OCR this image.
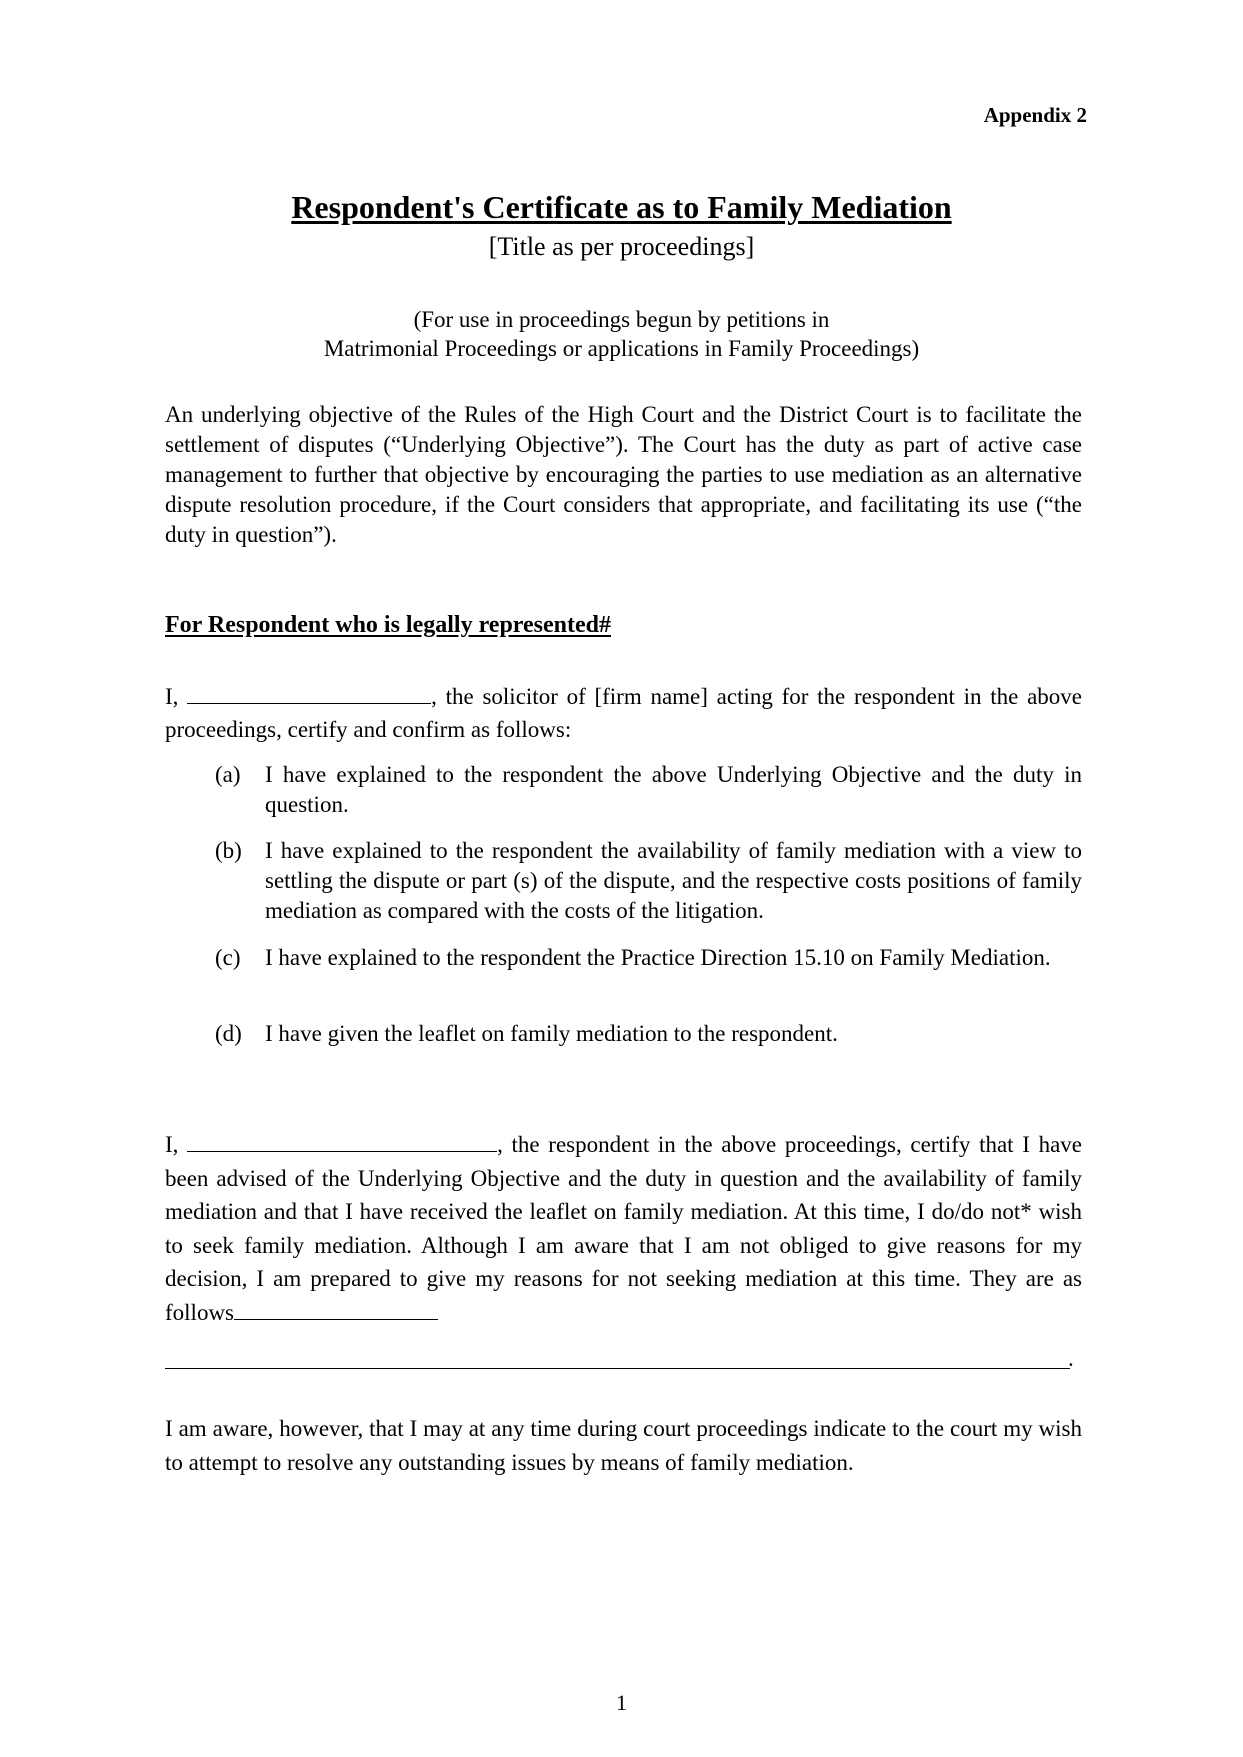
Appendix 2
Respondent's Certificate as to Family Mediation
[Title as per proceedings]
(For use in proceedings begun by petitions in
Matrimonial Proceedings or applications in Family Proceedings)

An underlying objective of the Rules of the High Court and the District Court is to facilitate the settlement of disputes (“Underlying Objective”). The Court has the duty as part of active case management to further that objective by encouraging the parties to use mediation as an alternative dispute resolution procedure, if the Court considers that appropriate, and facilitating its use (“the duty in question”).

For Respondent who is legally represented#

I,	, the solicitor of [firm name] acting for the respondent in the above proceedings, certify and confirm as follows:

(a)	I have explained to the respondent the above Underlying Objective and the duty in question.
(b)	I have explained to the respondent the availability of family mediation with a view to settling the dispute or part (s) of the dispute, and the respective costs positions of family mediation as compared with the costs of the litigation.
(c)	I have explained to the respondent the Practice Direction 15.10 on Family Mediation.
(d)	I have given the leaflet on family mediation to the respondent.

I,	, the respondent in the above proceedings, certify that I have been advised of the Underlying Objective and the duty in question and the availability of family mediation and that I have received the leaflet on family mediation. At this time, I do/do not* wish to seek family mediation. Although I am aware that I am not obliged to give reasons for my decision, I am prepared to give my reasons for not seeking mediation at this time. They are as follows

.

I am aware, however, that I may at any time during court proceedings indicate to the court my wish to attempt to resolve any outstanding issues by means of family mediation.

1
